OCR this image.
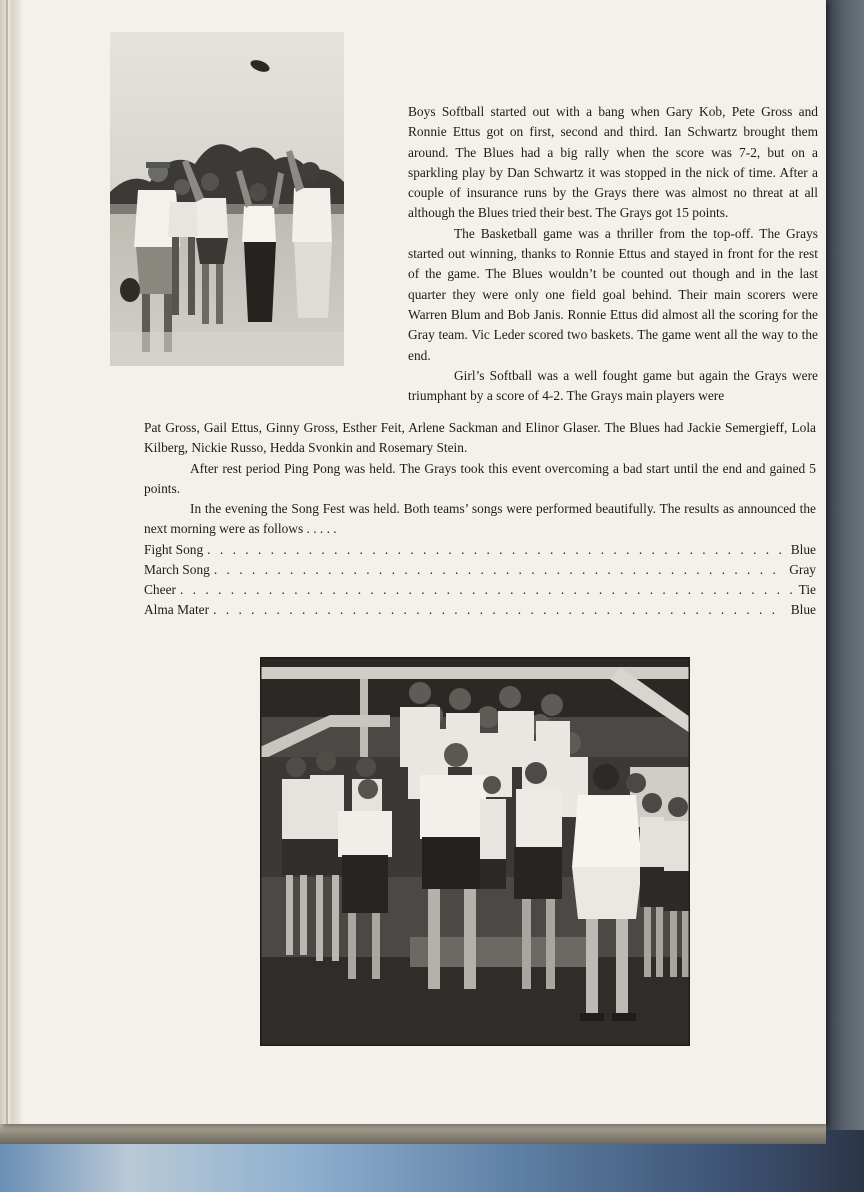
Boys Softball started out with a bang when Gary Kob, Pete Gross and Ronnie Ettus got on first, second and third. Ian Schwartz brought them around. The Blues had a big rally when the score was 7-2, but on a sparkling play by Dan Schwartz it was stopped in the nick of time. After a couple of insurance runs by the Grays there was almost no threat at all although the Blues tried their best. The Grays got 15 points.

The Basketball game was a thriller from the top-off. The Grays started out winning, thanks to Ronnie Ettus and stayed in front for the rest of the game. The Blues wouldn’t be counted out though and in the last quarter they were only one field goal behind. Their main scorers were Warren Blum and Bob Janis. Ronnie Ettus did almost all the scoring for the Gray team. Vic Leder scored two baskets. The game went all the way to the end.

Girl’s Softball was a well fought game but again the Grays were triumphant by a score of 4-2. The Grays main players were

Pat Gross, Gail Ettus, Ginny Gross, Esther Feit, Arlene Sackman and Elinor Glaser. The Blues had Jackie Semergieff, Lola Kilberg, Nickie Russo, Hedda Svonkin and Rosemary Stein.

After rest period Ping Pong was held. The Grays took this event overcoming a bad start until the end and gained 5 points.

In the evening the Song Fest was held. Both teams’ songs were performed beautifully. The results as announced the next morning were as follows . . . . .

Fight Song . . .	Blue
March Song . . .	Gray
Cheer . . .	Tie
Alma Mater . . .	Blue
